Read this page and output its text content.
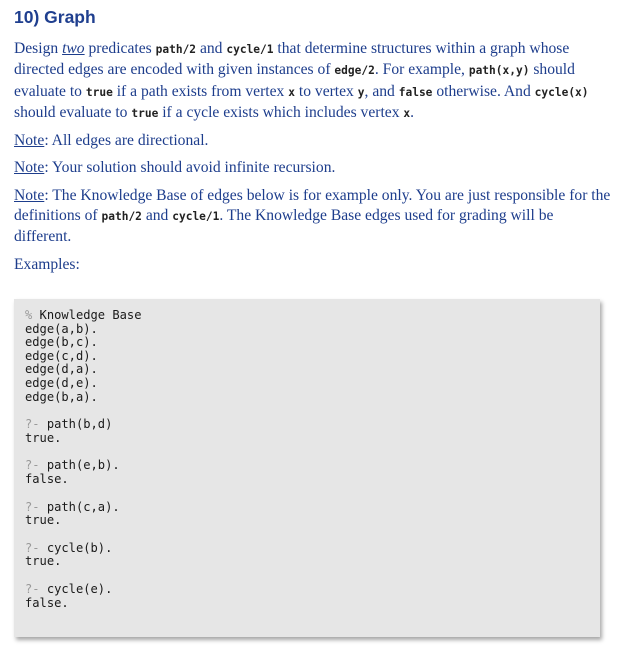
10) Graph

Design two predicates path/2 and cycle/1 that determine structures within a graph whose directed edges are encoded with given instances of edge/2. For example, path(x,y) should evaluate to true if a path exists from vertex x to vertex y, and false otherwise. And cycle(x) should evaluate to true if a cycle exists which includes vertex x.

Note: All edges are directional.

Note: Your solution should avoid infinite recursion.

Note: The Knowledge Base of edges below is for example only. You are just responsible for the definitions of path/2 and cycle/1. The Knowledge Base edges used for grading will be different.

Examples:

% Knowledge Base
edge(a,b).
edge(b,c).
edge(c,d).
edge(d,a).
edge(d,e).
edge(b,a).
?- path(b,d)
true.
?- path(e,b).
false.
?- path(c,a).
true.
?- cycle(b).
true.
?- cycle(e).
false.
